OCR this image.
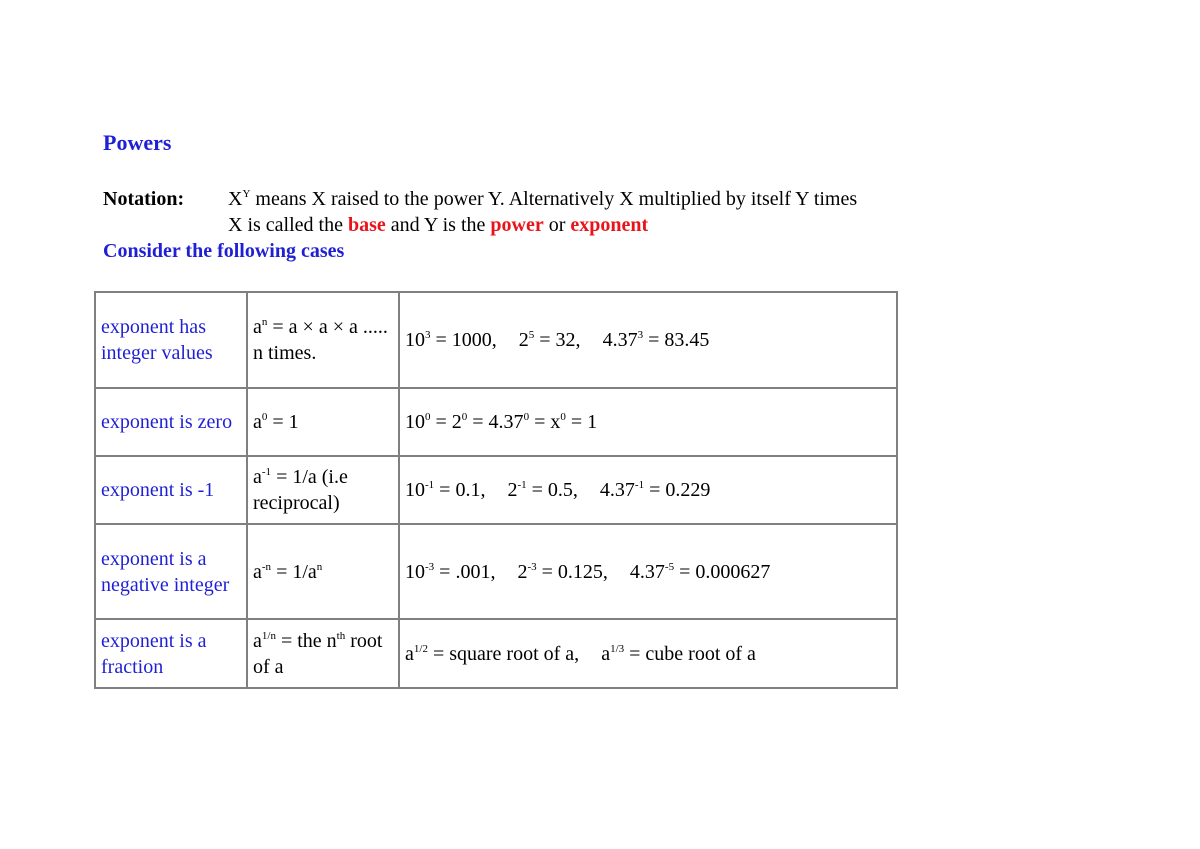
Powers
Notation: $X^Y$ means X raised to the power Y. Alternatively X multiplied by itself Y times
X is called the base and Y is the power or exponent
Consider the following cases
exponent has integer values	$a^n = a \times a \times a$ ..... n times.	$10^3 = 1000$, $2^5 = 32$, $4.37^3 = 83.45$
exponent is zero	$a^0 = 1$	$10^0 = 2^0 = 4.37^0 = x^0 = 1$
exponent is -1	$a^{-1} = 1/a$ (i.e reciprocal)	$10^{-1} = 0.1$, $2^{-1} = 0.5$, $4.37^{-1} = 0.229$
exponent is a negative integer	$a^{-n} = 1/a^n$	$10^{-3} = .001$, $2^{-3} = 0.125$, $4.37^{-5} = 0.000627$
exponent is a fraction	$a^{1/n}$ = the $n^{th}$ root of a	$a^{1/2}$ = square root of a, $a^{1/3}$ = cube root of a
